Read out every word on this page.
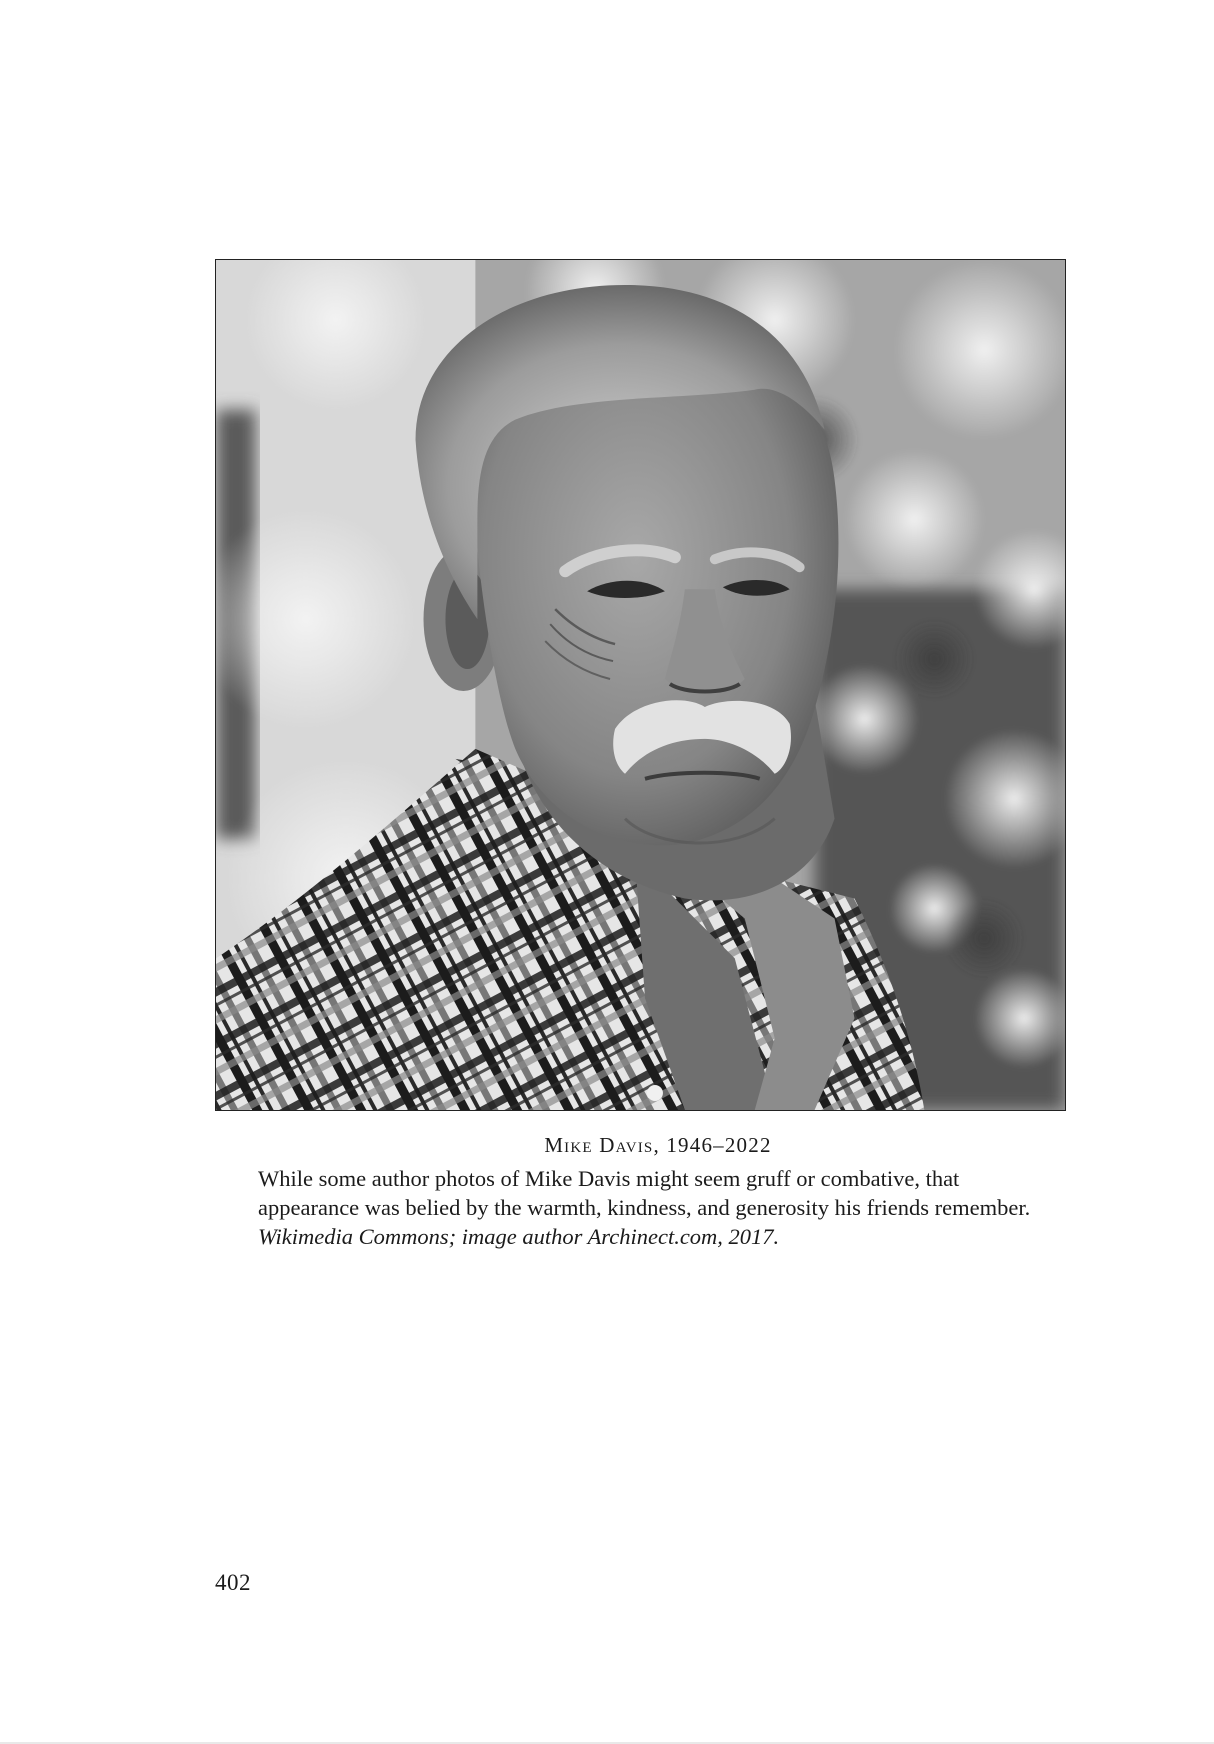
Mike Davis, 1946–2022

While some author photos of Mike Davis might seem gruff or combative, that appearance was belied by the warmth, kindness, and generosity his friends remember. Wikimedia Commons; image author Archinect.com, 2017.

402
